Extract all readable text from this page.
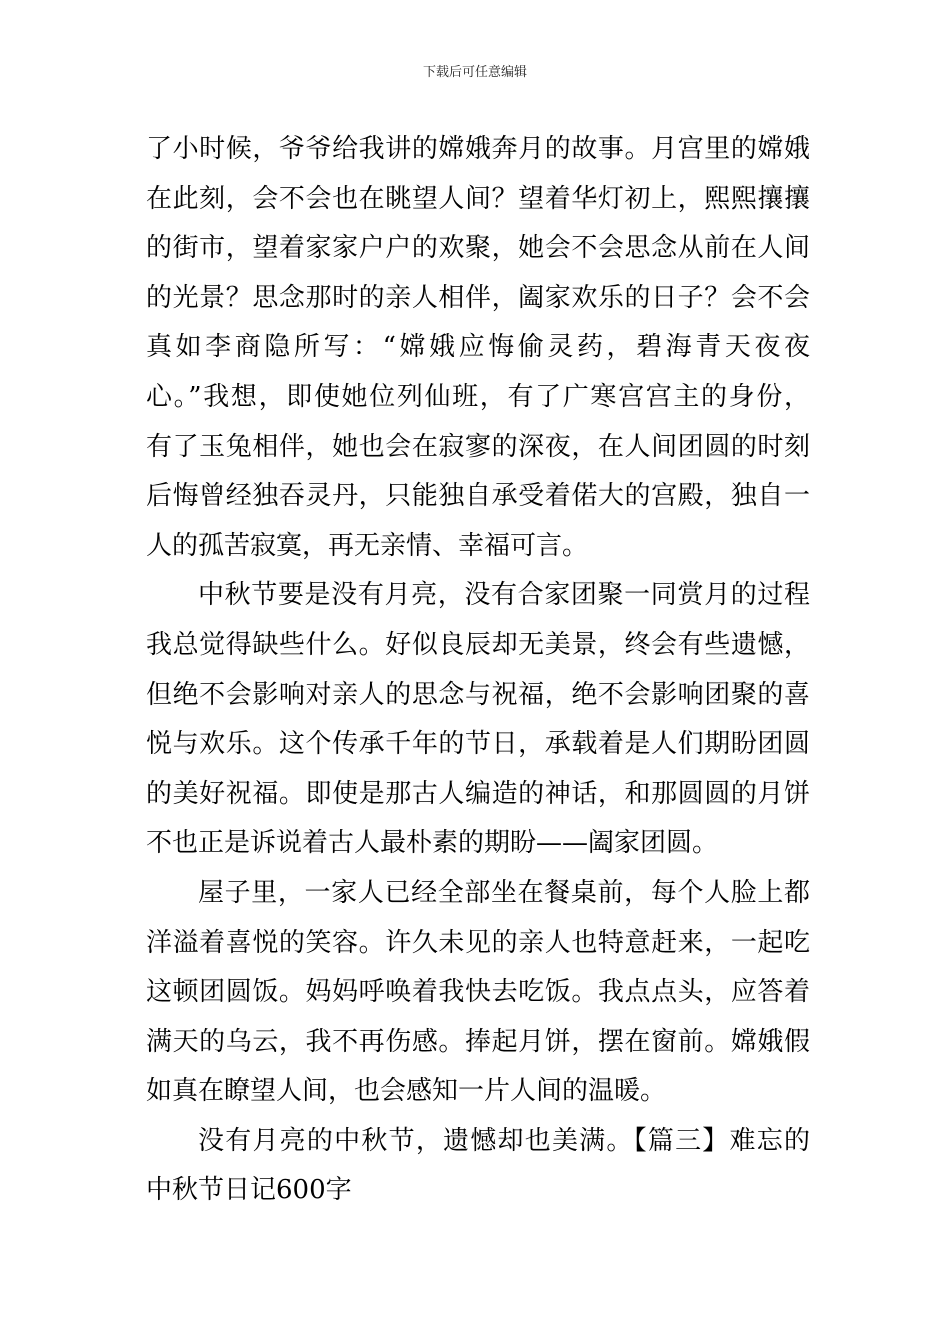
下载后可任意编辑
了小时候，爷爷给我讲的嫦娥奔月的故事。月宫里的嫦娥
在此刻，会不会也在眺望人间？望着华灯初上，熙熙攘攘
的街市，望着家家户户的欢聚，她会不会思念从前在人间
的光景？思念那时的亲人相伴，阖家欢乐的日子？会不会
真如李商隐所写：“嫦娥应悔偷灵药，碧海青天夜夜
心。”我想，即使她位列仙班，有了广寒宫宫主的身份，
有了玉兔相伴，她也会在寂寥的深夜，在人间团圆的时刻
后悔曾经独吞灵丹，只能独自承受着偌大的宫殿，独自一
人的孤苦寂寞，再无亲情、幸福可言。
中秋节要是没有月亮，没有合家团聚一同赏月的过程
我总觉得缺些什么。好似良辰却无美景，终会有些遗憾，
但绝不会影响对亲人的思念与祝福，绝不会影响团聚的喜
悦与欢乐。这个传承千年的节日，承载着是人们期盼团圆
的美好祝福。即使是那古人编造的神话，和那圆圆的月饼
不也正是诉说着古人最朴素的期盼——阖家团圆。
屋子里，一家人已经全部坐在餐桌前，每个人脸上都
洋溢着喜悦的笑容。许久未见的亲人也特意赶来，一起吃
这顿团圆饭。妈妈呼唤着我快去吃饭。我点点头，应答着
满天的乌云，我不再伤感。捧起月饼，摆在窗前。嫦娥假
如真在瞭望人间，也会感知一片人间的温暖。
没有月亮的中秋节，遗憾却也美满。【篇三】难忘的
中秋节日记600字
